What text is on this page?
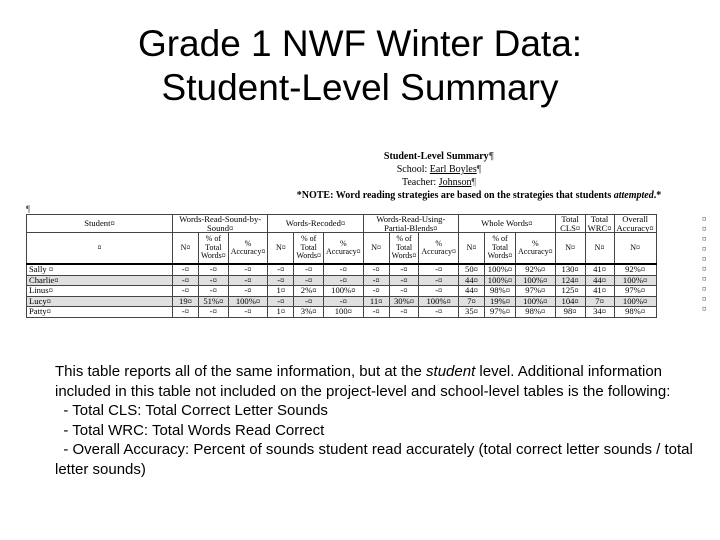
Grade 1 NWF Winter Data:
Student-Level Summary
Student-Level Summary¶
School: Earl Boyles¶
Teacher: Johnson¶
*NOTE: Word reading strategies are based on the strategies that students attempted.*
¶
Student¤	Words-Read-Sound-by-Sound¤			Words-Recoded¤			Words-Read-Using-Partial-Blends¤			Whole Words¤			Total CLS¤	Total WRC¤	Overall Accuracy¤
¤	N¤	% of Total Words¤	% Accuracy¤	N¤	% of Total Words¤	% Accuracy¤	N¤	% of Total Words¤	% Accuracy¤	N¤	% of Total Words¤	% Accuracy¤	N¤	N¤	N¤
Sally ¤	-¤	-¤	-¤	-¤	-¤	-¤	-¤	-¤	-¤	50¤	100%¤	92%¤	130¤	41¤	92%¤
Charlie¤	-¤	-¤	-¤	-¤	-¤	-¤	-¤	-¤	-¤	44¤	100%¤	100%¤	124¤	44¤	100%¤
Linus¤	-¤	-¤	-¤	1¤	2%¤	100%¤	-¤	-¤	-¤	44¤	98%¤	97%¤	125¤	41¤	97%¤
Lucy¤	19¤	51%¤	100%¤	-¤	-¤	-¤	11¤	30%¤	100%¤	7¤	19%¤	100%¤	104¤	7¤	100%¤
Patty¤	-¤	-¤	-¤	1¤	3%¤	100¤	-¤	-¤	-¤	35¤	97%¤	98%¤	98¤	34¤	98%¤
¤
¤
¤
¤
¤
¤
¤
¤
¤
¤

This table reports all of the same information, but at the student level. Additional information included in this table not included on the project-level and school-level tables is the following:

- Total CLS: Total Correct Letter Sounds

- Total WRC: Total Words Read Correct

- Overall Accuracy: Percent of sounds student read accurately (total correct letter sounds / total letter sounds)
